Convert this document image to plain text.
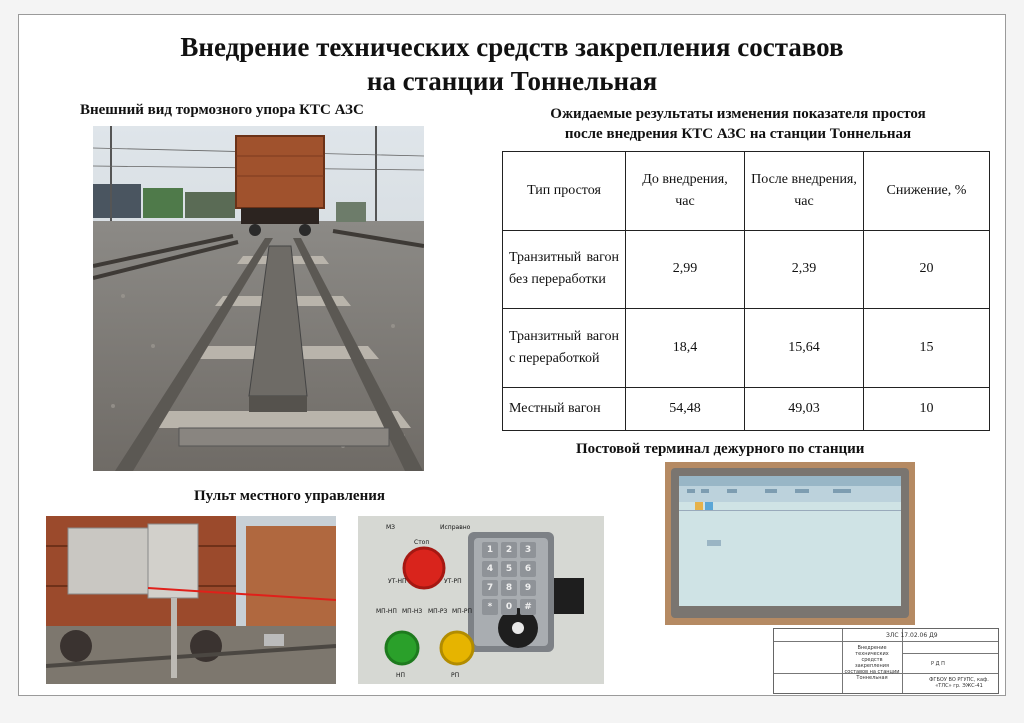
Внедрение технических средств закрепления составов
на станции Тоннельная
Внешний вид тормозного упора КТС АЗС	Ожидаемые результаты изменения показателя простоя
после внедрения КТС АЗС на станции Тоннельная
Постовой терминал дежурного по станции
Пульт местного управления
Тип простоя	До внедрения, час	После внедрения, час	Снижение, %
Транзитный вагон без переработки	2,99	2,39	20
Транзитный вагон с переработкой	18,4	15,64	15
Местный вагон	54,48	49,03	10
МЗ	Исправно
Стоп
УТ-НП	УТ-РП
МП-НП МП-НЗ МП-РЗ МП-РП
НП	РП
1	2	3
4	5	6
7	8	9
*	0	#
ЗЛС 17.02.06 Д9
Внедрение технических средств закрепления составов на станции Тоннельная
Р Д П
ФГБОУ ВО РГУПС, каф. «ТЛС» гр. ЭЖС-41
